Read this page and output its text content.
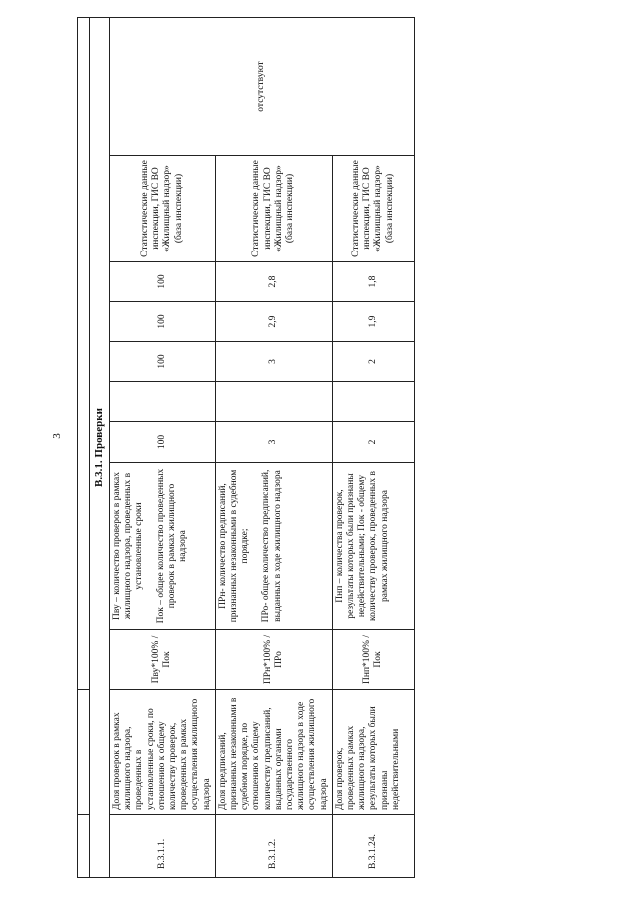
3
			В.3.1. Проверки										
В.3.1.1.	Доля проверок в рамках жилищного надзора, проведенных в установленные сроки, по отношению к общему количеству проверок, проведенных в рамках осуществления жилищного надзора	Пву*100% / Пок	Пву – количество проверок в рамках жилищного надзора, проведенных в установленные сроки Пок – общее количество проведенных проверок в рамках жилищного надзора	100		100	100	100	Статистические данные инспекции, ГИС ВО «Жилищный надзор» (база инспекции)	отсутствуют
В.3.1.2.	Доля предписаний, признанных незаконными в судебном порядке, по отношению к общему количеству предписаний, выданных органами государственного жилищного надзора в ходе осуществления жилищного надзора	ПРн*100% / ПРо	ПРн- количество предписаний, признанных незаконными в судебном порядке; ПРо- общее количество предписаний, выданных в ходе жилищного надзора	3		3	2,9	2,8	Статистические данные инспекции, ГИС ВО «Жилищный надзор» (база инспекции)	
В.3.1.24.	Доля проверок, проведенных рамках жилищного надзора, результаты которых были признаны недействительными	Пнп*100% / Пок	Пнп – количества проверок, результаты которых были признаны недействительными; Пок - общему количеству проверок, проведенных в рамках жилищного надзора	2		2	1,9	1,8	Статистические данные инспекции, ГИС ВО «Жилищный надзор» (база инспекции)	
